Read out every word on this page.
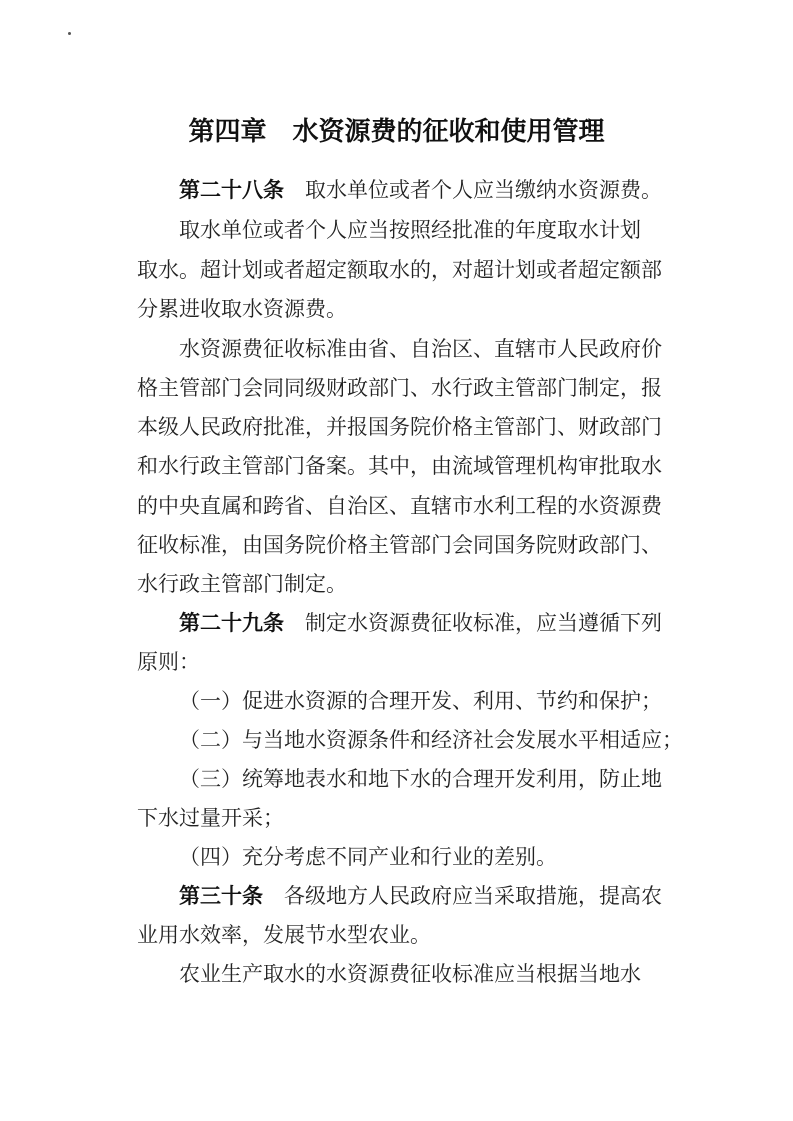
第四章 水资源费的征收和使用管理
第二十八条 取水单位或者个人应当缴纳水资源费。
取水单位或者个人应当按照经批准的年度取水计划
取水。超计划或者超定额取水的，对超计划或者超定额部
分累进收取水资源费。
水资源费征收标准由省、自治区、直辖市人民政府价
格主管部门会同同级财政部门、水行政主管部门制定，报
本级人民政府批准，并报国务院价格主管部门、财政部门
和水行政主管部门备案。其中，由流域管理机构审批取水
的中央直属和跨省、自治区、直辖市水利工程的水资源费
征收标准，由国务院价格主管部门会同国务院财政部门、
水行政主管部门制定。
第二十九条 制定水资源费征收标准，应当遵循下列
原则：
（一）促进水资源的合理开发、利用、节约和保护；
（二）与当地水资源条件和经济社会发展水平相适应；
（三）统筹地表水和地下水的合理开发利用，防止地
下水过量开采；
（四）充分考虑不同产业和行业的差别。
第三十条 各级地方人民政府应当采取措施，提高农
业用水效率，发展节水型农业。
农业生产取水的水资源费征收标准应当根据当地水
